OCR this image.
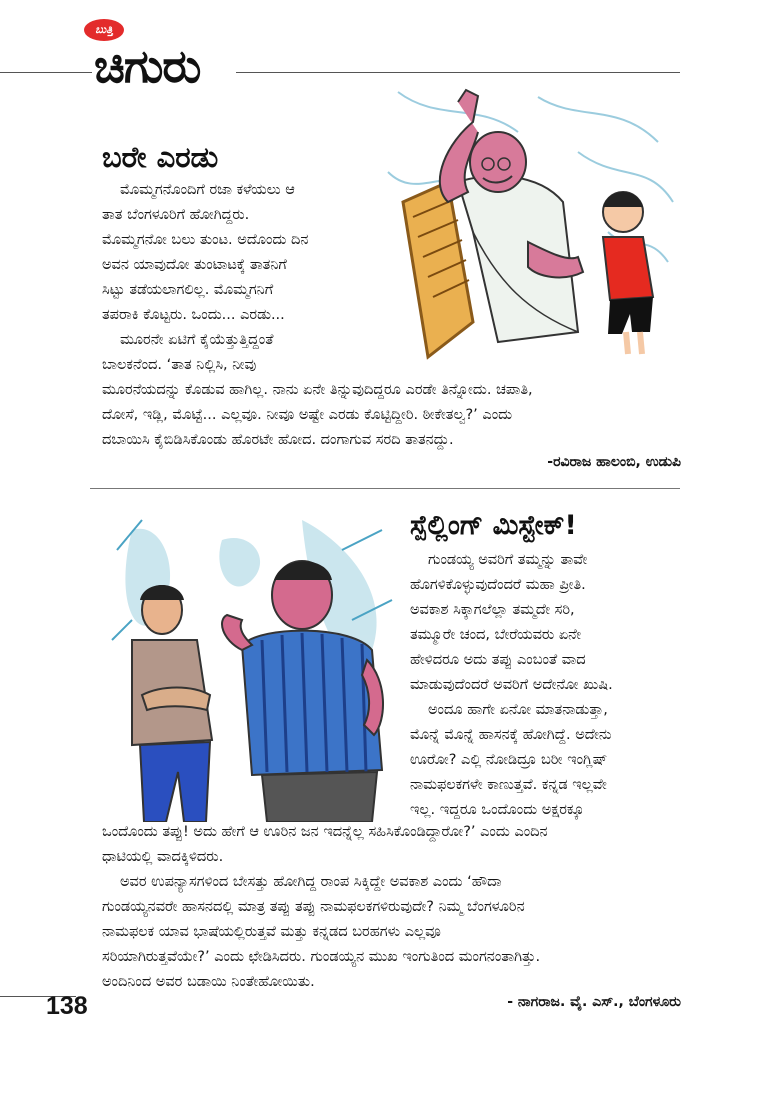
ಬುತ್ತಿ
ಚಿಗುರು
ಬರೇ ಎರಡು
ಮೊಮ್ಮಗನೊಂದಿಗೆ ರಜಾ ಕಳೆಯಲು ಆ
ತಾತ ಬೆಂಗಳೂರಿಗೆ ಹೋಗಿದ್ದರು.
ಮೊಮ್ಮಗನೋ ಬಲು ತುಂಟ. ಅದೊಂದು ದಿನ
ಅವನ ಯಾವುದೋ ತುಂಟಾಟಕ್ಕೆ ತಾತನಿಗೆ
ಸಿಟ್ಟು ತಡೆಯಲಾಗಲಿಲ್ಲ. ಮೊಮ್ಮಗನಿಗೆ
ತಪರಾಕಿ ಕೊಟ್ಟರು. ಒಂದು... ಎರಡು...
ಮೂರನೇ ಏಟಿಗೆ ಕೈಯೆತ್ತುತ್ತಿದ್ದಂತೆ
ಬಾಲಕನೆಂದ. ‘ತಾತ ನಿಲ್ಲಿಸಿ, ನೀವು
ಮೂರನೆಯದನ್ನು ಕೊಡುವ ಹಾಗಿಲ್ಲ. ನಾನು ಏನೇ ತಿನ್ನುವುದಿದ್ದರೂ ಎರಡೇ ತಿನ್ನೋದು. ಚಪಾತಿ,
ದೋಸೆ, ಇಡ್ಲಿ, ಮೊಟ್ಟೆ... ಎಲ್ಲವೂ. ನೀವೂ ಅಷ್ಟೇ ಎರಡು ಕೊಟ್ಟಿದ್ದೀರಿ. ಠೀಕೇತಲ್ವ?’ ಎಂದು
ದಬಾಯಿಸಿ ಕೈಬಿಡಿಸಿಕೊಂಡು ಹೊರಟೇ ಹೋದ. ದಂಗಾಗುವ ಸರದಿ ತಾತನದ್ದು.
-ರವಿರಾಜ ಹಾಲಂಬಿ, ಉಡುಪಿ
ಸ್ಪೆಲ್ಲಿಂಗ್ ಮಿಸ್ಟೇಕ್!
ಗುಂಡಯ್ಯ ಅವರಿಗೆ ತಮ್ಮನ್ನು ತಾವೇ
ಹೊಗಳಿಕೊಳ್ಳುವುದೆಂದರೆ ಮಹಾ ಪ್ರೀತಿ.
ಅವಕಾಶ ಸಿಕ್ಕಾಗಲೆಲ್ಲಾ ತಮ್ಮದೇ ಸರಿ,
ತಮ್ಮೂರೇ ಚಂದ, ಬೇರೆಯವರು ಏನೇ
ಹೇಳಿದರೂ ಅದು ತಪ್ಪು ಎಂಬಂತೆ ವಾದ
ಮಾಡುವುದೆಂದರೆ ಅವರಿಗೆ ಅದೇನೋ ಖುಷಿ.
ಅಂದೂ ಹಾಗೇ ಏನೋ ಮಾತನಾಡುತ್ತಾ,
ಮೊನ್ನೆ ಮೊನ್ನೆ ಹಾಸನಕ್ಕೆ ಹೋಗಿದ್ದೆ. ಅದೇನು
ಊರೋ? ಎಲ್ಲಿ ನೋಡಿದ್ರೂ ಬರೀ ಇಂಗ್ಲಿಷ್
ನಾಮಫಲಕಗಳೇ ಕಾಣುತ್ತವೆ. ಕನ್ನಡ ಇಲ್ಲವೇ
ಇಲ್ಲ. ಇದ್ದರೂ ಒಂದೊಂದು ಅಕ್ಷರಕ್ಕೂ
ಒಂದೊಂದು ತಪ್ಪು! ಅದು ಹೇಗೆ ಆ ಊರಿನ ಜನ ಇದನ್ನೆಲ್ಲ ಸಹಿಸಿಕೊಂಡಿದ್ದಾರೋ?’ ಎಂದು ಎಂದಿನ
ಧಾಟಿಯಲ್ಲಿ ವಾದಕ್ಕಿಳಿದರು.
ಅವರ ಉಪನ್ಯಾಸಗಳಿಂದ ಬೇಸತ್ತು ಹೋಗಿದ್ದ ರಾಂಪ ಸಿಕ್ಕಿದ್ದೇ ಅವಕಾಶ ಎಂದು ‘ಹೌದಾ
ಗುಂಡಯ್ಯನವರೇ ಹಾಸನದಲ್ಲಿ ಮಾತ್ರ ತಪ್ಪು ತಪ್ಪು ನಾಮಫಲಕಗಳಿರುವುದೇ? ನಿಮ್ಮ ಬೆಂಗಳೂರಿನ
ನಾಮಫಲಕ ಯಾವ ಭಾಷೆಯಲ್ಲಿರುತ್ತವೆ ಮತ್ತು ಕನ್ನಡದ ಬರಹಗಳು ಎಲ್ಲವೂ
ಸರಿಯಾಗಿರುತ್ತವೆಯೇ?’ ಎಂದು ಛೇಡಿಸಿದರು. ಗುಂಡಯ್ಯನ ಮುಖ ಇಂಗುತಿಂದ ಮಂಗನಂತಾಗಿತ್ತು.
ಅಂದಿನಿಂದ ಅವರ ಬಡಾಯಿ ನಿಂತೇಹೋಯಿತು.
- ನಾಗರಾಜ. ವೈ. ಎಸ್., ಬೆಂಗಳೂರು
138
